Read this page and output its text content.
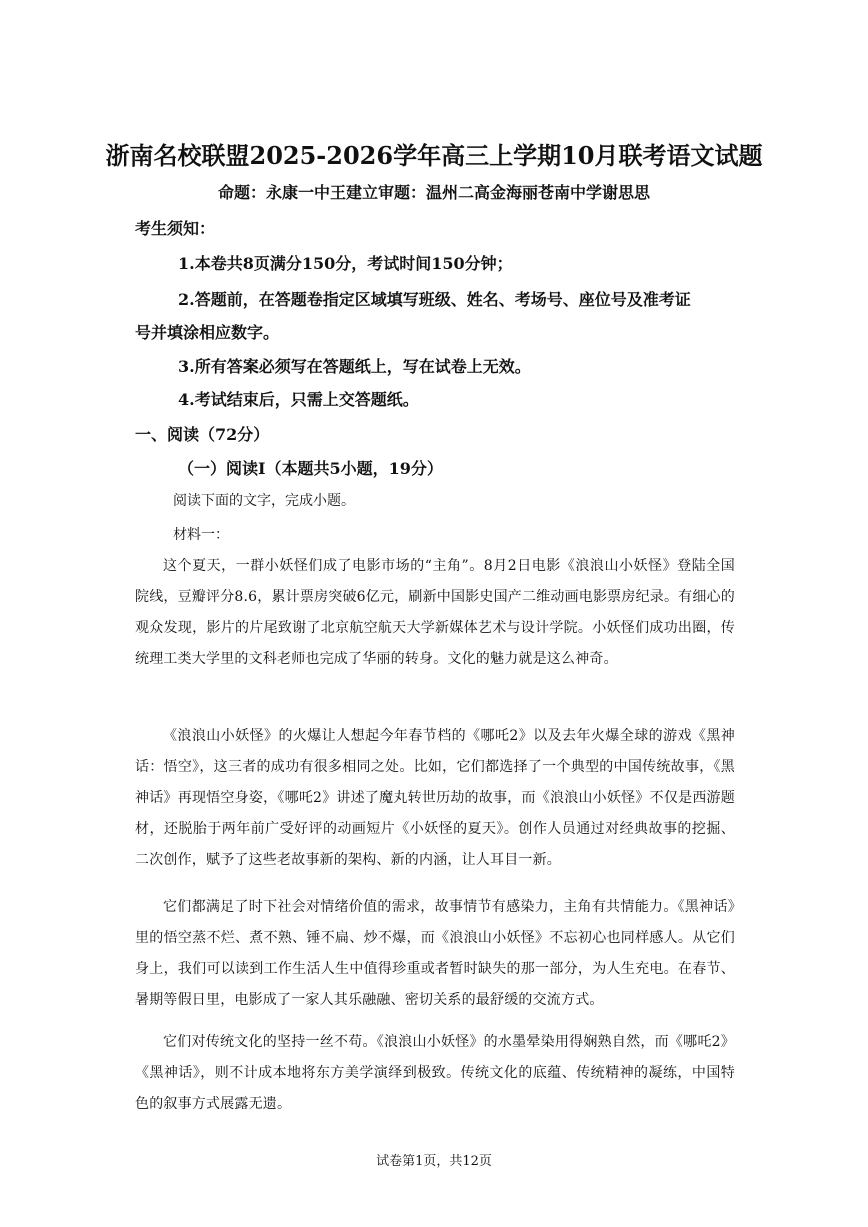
浙南名校联盟2025-2026学年高三上学期10月联考语文试题
命题：永康一中王建立审题：温州二高金海丽苍南中学谢思思
考生须知：
1.本卷共8页满分150分，考试时间150分钟；
2.答题前，在答题卷指定区域填写班级、姓名、考场号、座位号及准考证
号并填涂相应数字。
3.所有答案必须写在答题纸上，写在试卷上无效。
4.考试结束后，只需上交答题纸。
一、阅读（72分）
（一）阅读I（本题共5小题，19分）
阅读下面的文字，完成小题。
材料一：
这个夏天，一群小妖怪们成了电影市场的“主角”。8月2日电影《浪浪山小妖怪》登陆全国院线，豆瓣评分8.6，累计票房突破6亿元，刷新中国影史国产二维动画电影票房纪录。有细心的观众发现，影片的片尾致谢了北京航空航天大学新媒体艺术与设计学院。小妖怪们成功出圈，传统理工类大学里的文科老师也完成了华丽的转身。文化的魅力就是这么神奇。
《浪浪山小妖怪》的火爆让人想起今年春节档的《哪吒2》以及去年火爆全球的游戏《黑神话：悟空》，这三者的成功有很多相同之处。比如，它们都选择了一个典型的中国传统故事，《黑神话》再现悟空身姿，《哪吒2》讲述了魔丸转世历劫的故事，而《浪浪山小妖怪》不仅是西游题材，还脱胎于两年前广受好评的动画短片《小妖怪的夏天》。创作人员通过对经典故事的挖掘、二次创作，赋予了这些老故事新的架构、新的内涵，让人耳目一新。
它们都满足了时下社会对情绪价值的需求，故事情节有感染力，主角有共情能力。《黑神话》里的悟空蒸不烂、煮不熟、锤不扁、炒不爆，而《浪浪山小妖怪》不忘初心也同样感人。从它们身上，我们可以读到工作生活人生中值得珍重或者暂时缺失的那一部分，为人生充电。在春节、暑期等假日里，电影成了一家人其乐融融、密切关系的最舒缓的交流方式。
它们对传统文化的坚持一丝不苟。《浪浪山小妖怪》的水墨晕染用得娴熟自然，而《哪吒2》《黑神话》，则不计成本地将东方美学演绎到极致。传统文化的底蕴、传统精神的凝练，中国特色的叙事方式展露无遗。
试卷第1页，共12页
